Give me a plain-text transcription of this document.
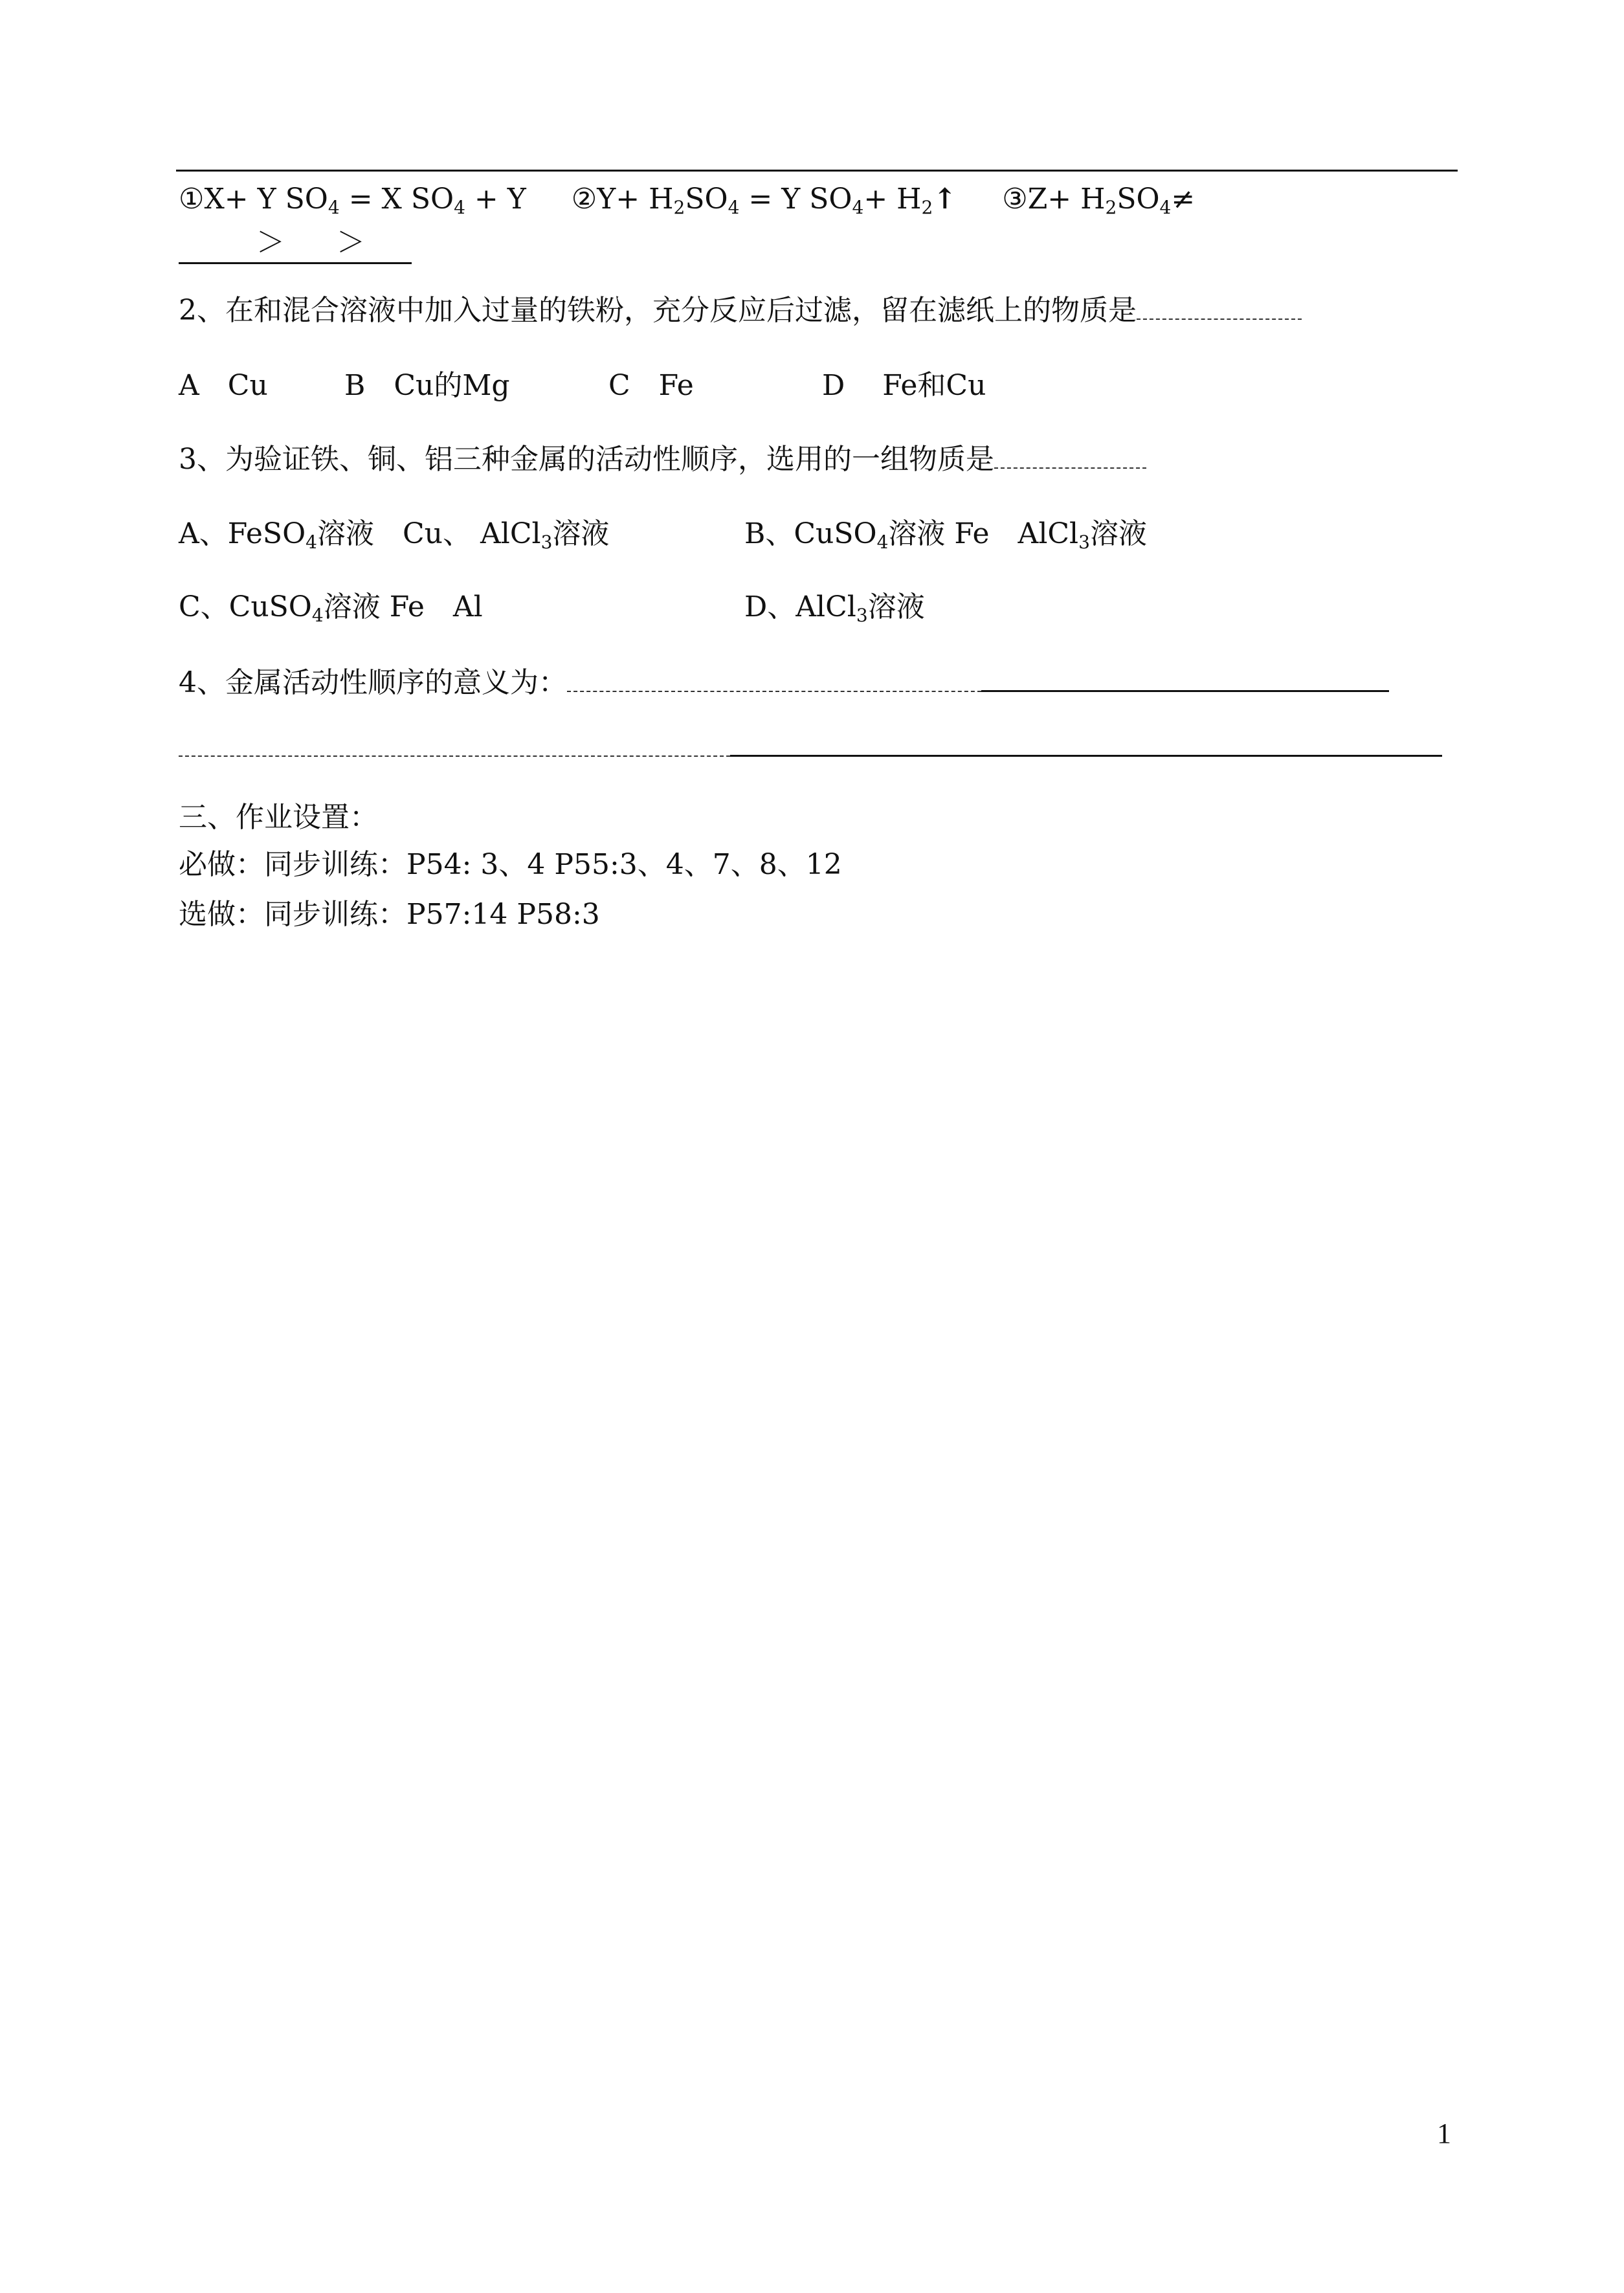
①X+ Y $SO_4 = X$ $SO_4 + Y$ ②Y+ $H_2SO_4 = Y$ $SO_4+$ $H_2↑$ ③Z+ $H_2SO_4\ne$
＞ ＞
2、在和混合溶液中加入过量的铁粉，充分反应后过滤，留在滤纸上的物质是
A　Cu	B　Cu的Mg	C　Fe	D　 Fe和Cu
3、为验证铁、铜、铝三种金属的活动性顺序，选用的一组物质是
A、FeSO$_4$溶液　Cu、 AlCl$_3$溶液	B、CuSO$_4$溶液 Fe　AlCl$_3$溶液
C、CuSO$_4$溶液 Fe　Al	D、AlCl$_3$溶液
4、金属活动性顺序的意义为：
三、作业设置：
必做：同步训练：P54: 3、4 P55:3、4、7、8、12
选做：同步训练：P57:14 P58:3
1
